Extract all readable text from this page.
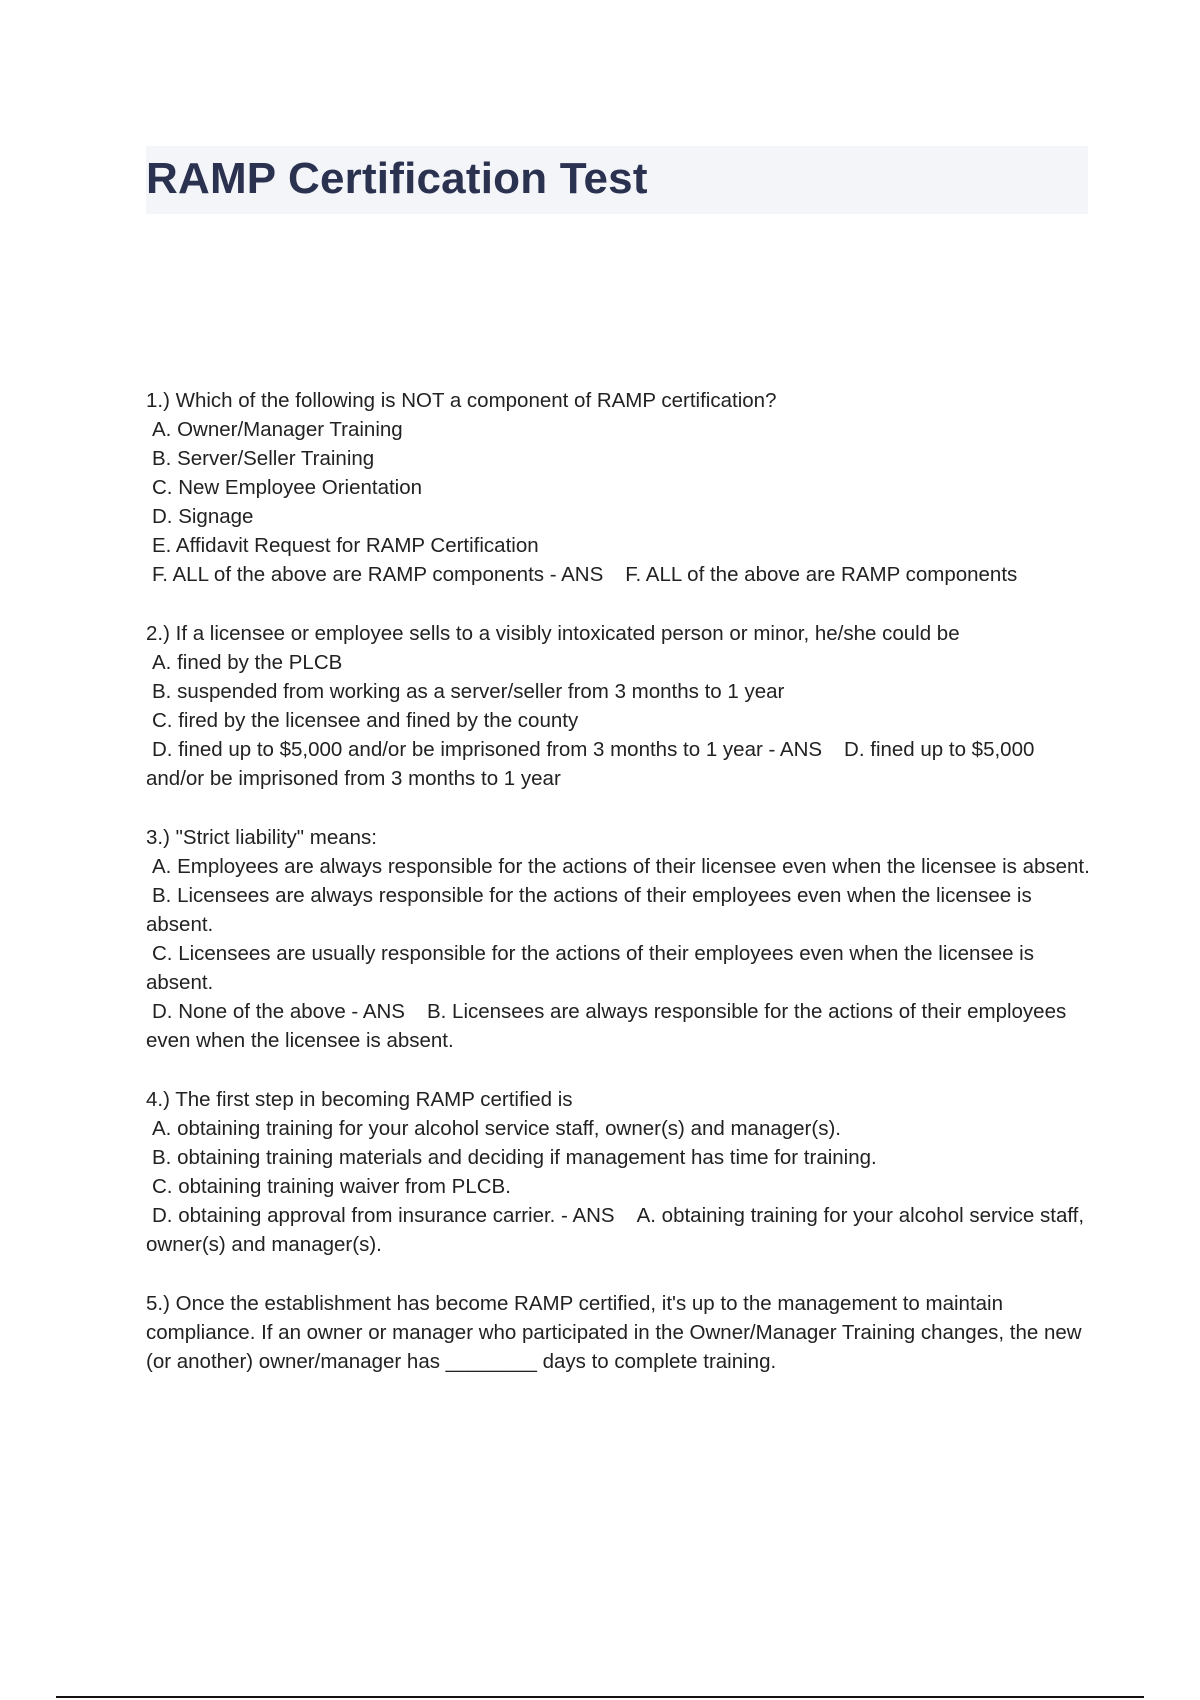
RAMP Certification Test
1.) Which of the following is NOT a component of RAMP certification?
A. Owner/Manager Training
B. Server/Seller Training
C. New Employee Orientation
D. Signage
E. Affidavit Request for RAMP Certification
F. ALL of the above are RAMP components - ANS F. ALL of the above are RAMP components
2.) If a licensee or employee sells to a visibly intoxicated person or minor, he/she could be
A. fined by the PLCB
B. suspended from working as a server/seller from 3 months to 1 year
C. fired by the licensee and fined by the county
D. fined up to $5,000 and/or be imprisoned from 3 months to 1 year - ANS D. fined up to $5,000 and/or be imprisoned from 3 months to 1 year
3.) "Strict liability" means:
A. Employees are always responsible for the actions of their licensee even when the licensee is absent.
B. Licensees are always responsible for the actions of their employees even when the licensee is absent.
C. Licensees are usually responsible for the actions of their employees even when the licensee is absent.
D. None of the above - ANS B. Licensees are always responsible for the actions of their employees even when the licensee is absent.
4.) The first step in becoming RAMP certified is
A. obtaining training for your alcohol service staff, owner(s) and manager(s).
B. obtaining training materials and deciding if management has time for training.
C. obtaining training waiver from PLCB.
D. obtaining approval from insurance carrier. - ANS A. obtaining training for your alcohol service staff, owner(s) and manager(s).
5.) Once the establishment has become RAMP certified, it's up to the management to maintain compliance. If an owner or manager who participated in the Owner/Manager Training changes, the new (or another) owner/manager has ________ days to complete training.
